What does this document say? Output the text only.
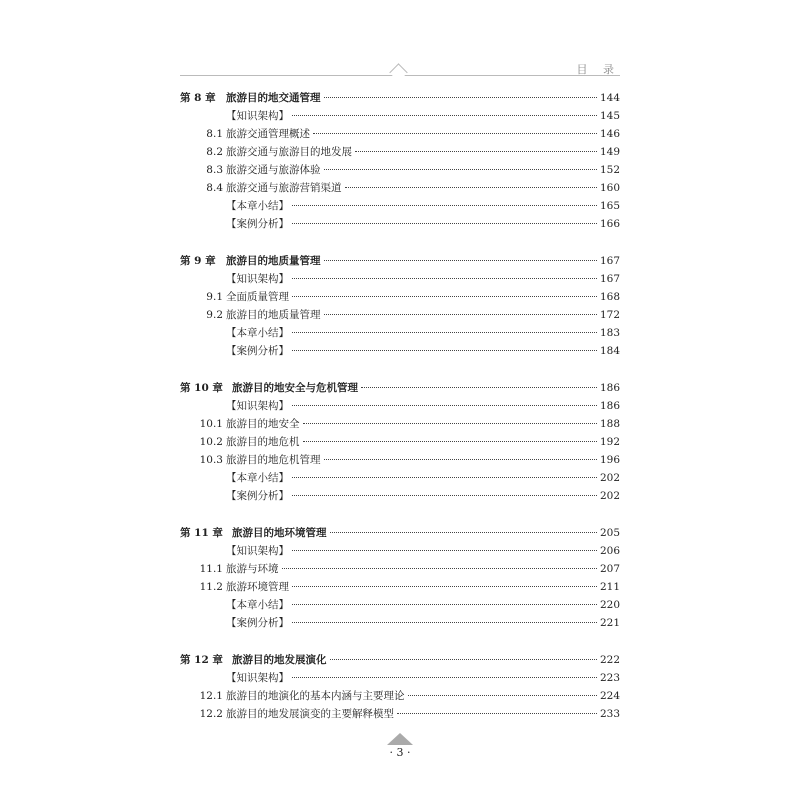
目 录
第 8 章 旅游目的地交通管理	144
【知识架构】	145
8.1 旅游交通管理概述	146
8.2 旅游交通与旅游目的地发展	149
8.3 旅游交通与旅游体验	152
8.4 旅游交通与旅游营销渠道	160
【本章小结】	165
【案例分析】	166
第 9 章 旅游目的地质量管理	167
【知识架构】	167
9.1 全面质量管理	168
9.2 旅游目的地质量管理	172
【本章小结】	183
【案例分析】	184
第 10 章 旅游目的地安全与危机管理	186
【知识架构】	186
10.1 旅游目的地安全	188
10.2 旅游目的地危机	192
10.3 旅游目的地危机管理	196
【本章小结】	202
【案例分析】	202
第 11 章 旅游目的地环境管理	205
【知识架构】	206
11.1 旅游与环境	207
11.2 旅游环境管理	211
【本章小结】	220
【案例分析】	221
第 12 章 旅游目的地发展演化	222
【知识架构】	223
12.1 旅游目的地演化的基本内涵与主要理论	224
12.2 旅游目的地发展演变的主要解释模型	233
· 3 ·
